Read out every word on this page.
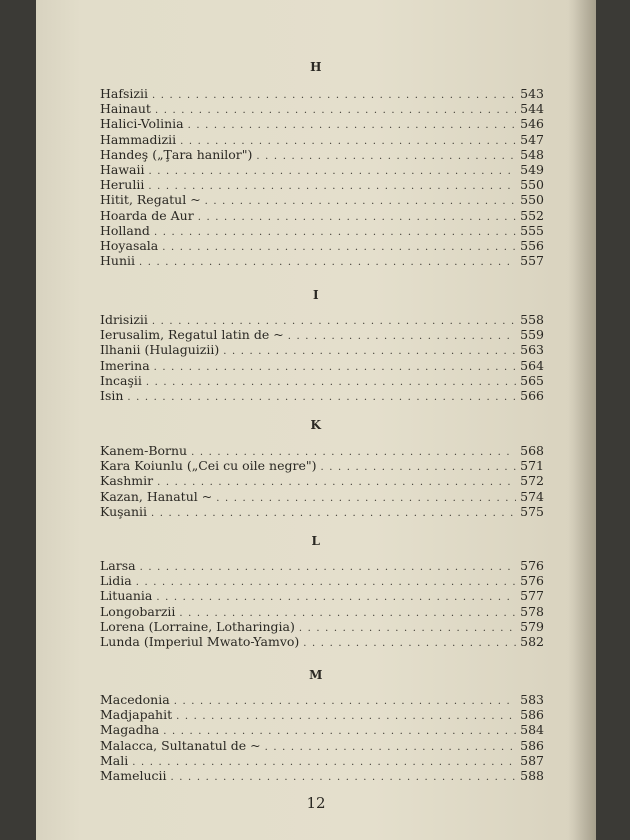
H
Hafsizii . . .	543
Hainaut . . .	544
Halici-Volinia . . .	546
Hammadizii . . .	547
Handeş („Ţara hanilor") . . .	548
Hawaii . . .	549
Herulii . . .	550
Hitit, Regatul ~ . . .	550
Hoarda de Aur . . .	552
Holland . . .	555
Hoyasala . . .	556
Hunii . . .	557
I
Idrisizii . . .	558
Ierusalim, Regatul latin de ~ . . .	559
Ilhanii (Hulaguizii) . . .	563
Imerina . . .	564
Incaşii . . .	565
Isin . . .	566
K
Kanem-Bornu . . .	568
Kara Koiunlu („Cei cu oile negre") . . .	571
Kashmir . . .	572
Kazan, Hanatul ~ . . .	574
Kuşanii . . .	575
L
Larsa . . .	576
Lidia . . .	576
Lituania . . .	577
Longobarzii . . .	578
Lorena (Lorraine, Lotharingia) . . .	579
Lunda (Imperiul Mwato-Yamvo) . . .	582
M
Macedonia . . .	583
Madjapahit . . .	586
Magadha . . .	584
Malacca, Sultanatul de ~ . . .	586
Mali . . .	587
Mamelucii . . .	588
12
